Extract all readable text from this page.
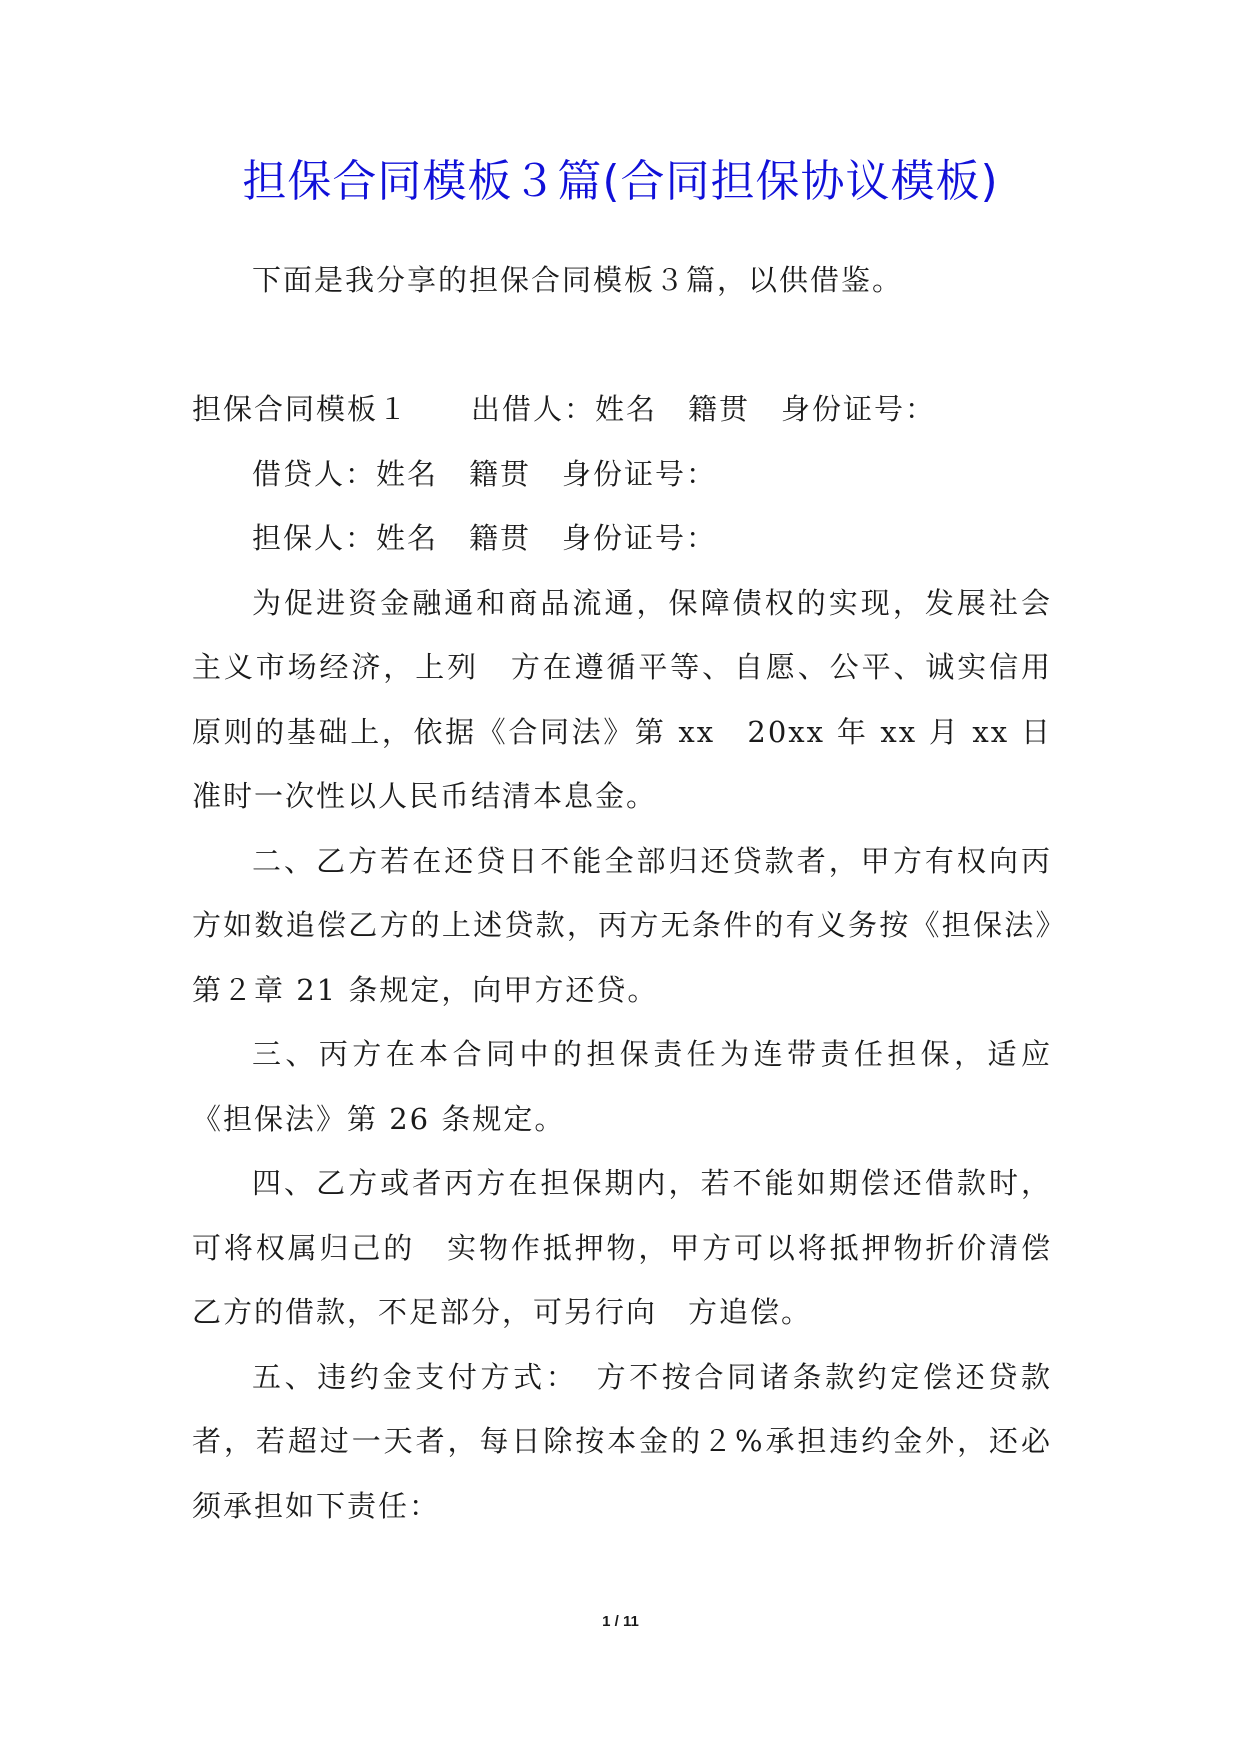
担保合同模板３篇(合同担保协议模板)

下面是我分享的担保合同模板３篇，以供借鉴。

担保合同模板１　　出借人：姓名　籍贯　身份证号：

借贷人：姓名　籍贯　身份证号：

担保人：姓名　籍贯　身份证号：

为促进资金融通和商品流通，保障债权的实现，发展社会主义市场经济，上列　方在遵循平等、自愿、公平、诚实信用原则的基础上，依据《合同法》第 xx　20xx 年 xx 月 xx 日准时一次性以人民币结清本息金。

二、乙方若在还贷日不能全部归还贷款者，甲方有权向丙方如数追偿乙方的上述贷款，丙方无条件的有义务按《担保法》第２章 21 条规定，向甲方还贷。

三、丙方在本合同中的担保责任为连带责任担保，适应《担保法》第 26 条规定。

四、乙方或者丙方在担保期内，若不能如期偿还借款时，可将权属归己的　实物作抵押物，甲方可以将抵押物折价清偿乙方的借款，不足部分，可另行向　方追偿。

五、违约金支付方式：　方不按合同诸条款约定偿还贷款者，若超过一天者，每日除按本金的２%承担违约金外，还必须承担如下责任：

1 / 11
